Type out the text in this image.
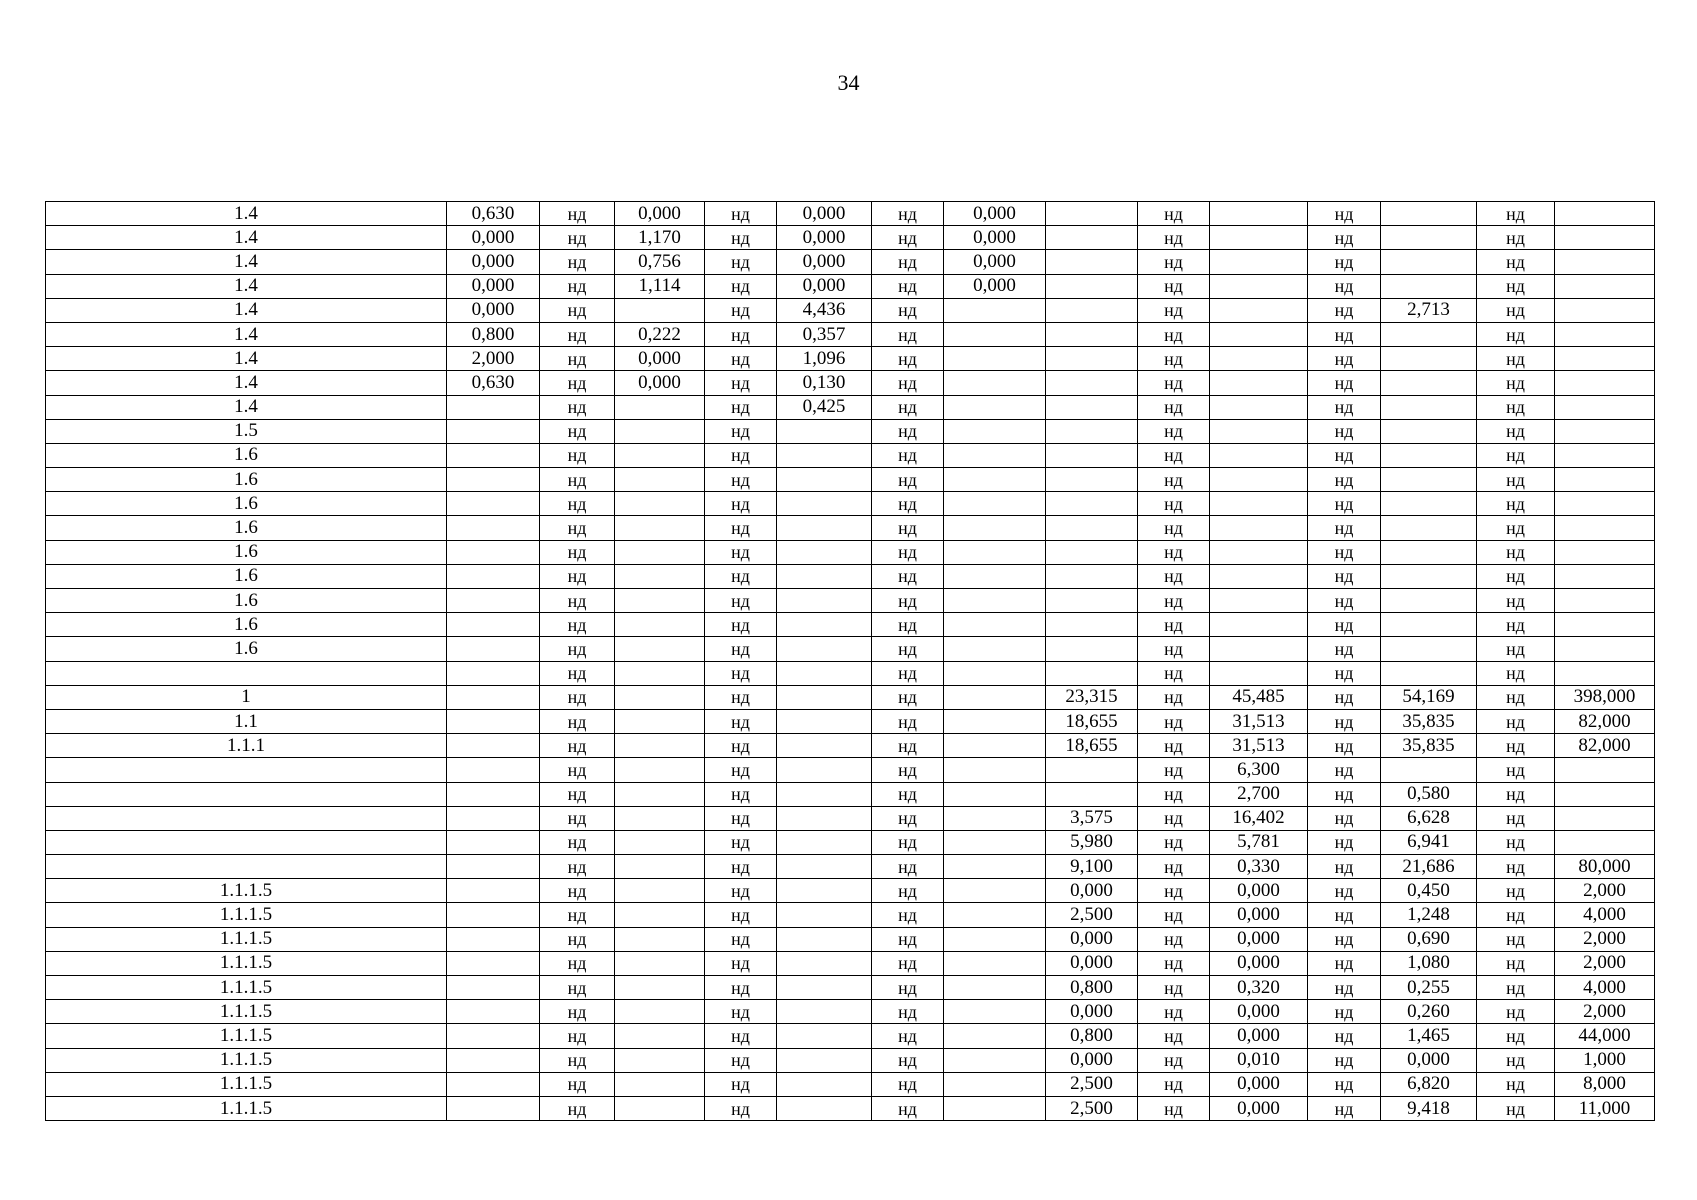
34
1.4	0,630	нд	0,000	нд	0,000	нд	0,000		нд		нд		нд	
1.4	0,000	нд	1,170	нд	0,000	нд	0,000		нд		нд		нд	
1.4	0,000	нд	0,756	нд	0,000	нд	0,000		нд		нд		нд	
1.4	0,000	нд	1,114	нд	0,000	нд	0,000		нд		нд		нд	
1.4	0,000	нд		нд	4,436	нд			нд		нд	2,713	нд	
1.4	0,800	нд	0,222	нд	0,357	нд			нд		нд		нд	
1.4	2,000	нд	0,000	нд	1,096	нд			нд		нд		нд	
1.4	0,630	нд	0,000	нд	0,130	нд			нд		нд		нд	
1.4		нд		нд	0,425	нд			нд		нд		нд	
1.5		нд		нд		нд			нд		нд		нд	
1.6		нд		нд		нд			нд		нд		нд	
1.6		нд		нд		нд			нд		нд		нд	
1.6		нд		нд		нд			нд		нд		нд	
1.6		нд		нд		нд			нд		нд		нд	
1.6		нд		нд		нд			нд		нд		нд	
1.6		нд		нд		нд			нд		нд		нд	
1.6		нд		нд		нд			нд		нд		нд	
1.6		нд		нд		нд			нд		нд		нд	
1.6		нд		нд		нд			нд		нд		нд	
		нд		нд		нд			нд		нд		нд	
1		нд		нд		нд		23,315	нд	45,485	нд	54,169	нд	398,000
1.1		нд		нд		нд		18,655	нд	31,513	нд	35,835	нд	82,000
1.1.1		нд		нд		нд		18,655	нд	31,513	нд	35,835	нд	82,000
		нд		нд		нд			нд	6,300	нд		нд	
		нд		нд		нд			нд	2,700	нд	0,580	нд	
		нд		нд		нд		3,575	нд	16,402	нд	6,628	нд	
		нд		нд		нд		5,980	нд	5,781	нд	6,941	нд	
		нд		нд		нд		9,100	нд	0,330	нд	21,686	нд	80,000
1.1.1.5		нд		нд		нд		0,000	нд	0,000	нд	0,450	нд	2,000
1.1.1.5		нд		нд		нд		2,500	нд	0,000	нд	1,248	нд	4,000
1.1.1.5		нд		нд		нд		0,000	нд	0,000	нд	0,690	нд	2,000
1.1.1.5		нд		нд		нд		0,000	нд	0,000	нд	1,080	нд	2,000
1.1.1.5		нд		нд		нд		0,800	нд	0,320	нд	0,255	нд	4,000
1.1.1.5		нд		нд		нд		0,000	нд	0,000	нд	0,260	нд	2,000
1.1.1.5		нд		нд		нд		0,800	нд	0,000	нд	1,465	нд	44,000
1.1.1.5		нд		нд		нд		0,000	нд	0,010	нд	0,000	нд	1,000
1.1.1.5		нд		нд		нд		2,500	нд	0,000	нд	6,820	нд	8,000
1.1.1.5		нд		нд		нд		2,500	нд	0,000	нд	9,418	нд	11,000
